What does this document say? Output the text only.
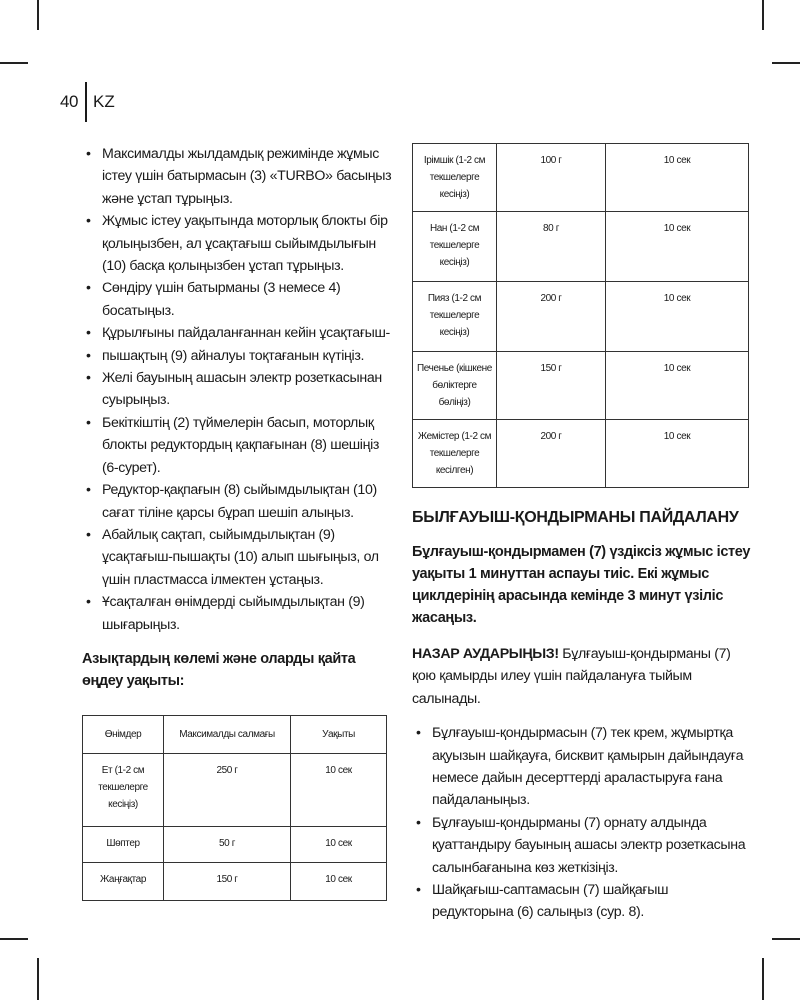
40 KZ
• Максималды жылдамдық режимінде жұмыс істеу үшін батырмасын (3) «TURBO» басыңыз және ұстап тұрыңыз.
• Жұмыс істеу уақытында моторлық блокты бір қолыңызбен, ал ұсақтағыш сыйымдылығын (10) басқа қолыңызбен ұстап тұрыңыз.
• Сөндіру үшін батырманы (3 немесе 4) босатыңыз.
• Құрылғыны пайдаланғаннан кейін ұсақтағыш-
• пышақтың (9) айналуы тоқтағанын күтіңіз.
• Желі бауының ашасын электр розеткасынан суырыңыз.
• Бекіткіштің (2) түймелерін басып, моторлық блокты редуктордың қақпағынан (8) шешіңіз (6-сурет).
• Редуктор-қақпағын (8) сыйымдылықтан (10) сағат тіліне қарсы бұрап шешіп алыңыз.
• Абайлық сақтап, сыйымдылықтан (9) ұсақтағыш-пышақты (10) алып шығыңыз, ол үшін пластмасса ілмектен ұстаңыз.
• Ұсақталған өнімдерді сыйымдылықтан (9) шығарыңыз.
Азықтардың көлемі және оларды қайта өңдеу уақыты:
Өнімдер	Максималды салмағы	Уақыты
Ет (1-2 см текшелерге кесіңіз)	250 г	10 сек
Шөптер	50 г	10 сек
Жаңғақтар	150 г	10 сек
Ірімшік (1-2 см текшелерге кесіңіз)	100 г	10 сек
Нан (1-2 см текшелерге кесіңіз)	80 г	10 сек
Пияз (1-2 см текшелерге кесіңіз)	200 г	10 сек
Печенье (кішкене бөліктерге бөліңіз)	150 г	10 сек
Жемістер (1-2 см текшелерге кесілген)	200 г	10 сек
БЫЛҒАУЫШ-ҚОНДЫРМАНЫ ПАЙДАЛАНУ
Бұлғауыш-қондырмамен (7) үздіксіз жұмыс істеу уақыты 1 минуттан аспауы тиіс. Екі жұмыс циклдерінің арасында кемінде 3 минут үзіліс жасаңыз.
НАЗАР АУДАРЫҢЫЗ! Бұлғауыш-қондырманы (7) қою қамырды илеу үшін пайдалануға тыйым салынады.
• Бұлғауыш-қондырмасын (7) тек крем, жұмыртқа ақуызын шайқауға, бисквит қамырын дайындауға немесе дайын десерттерді араластыруға ғана пайдаланыңыз.
• Бұлғауыш-қондырманы (7) орнату алдында қуаттандыру бауының ашасы электр розеткасына салынбағанына көз жеткізіңіз.
• Шайқағыш-саптамасын (7) шайқағыш редукторына (6) салыңыз (сур. 8).
